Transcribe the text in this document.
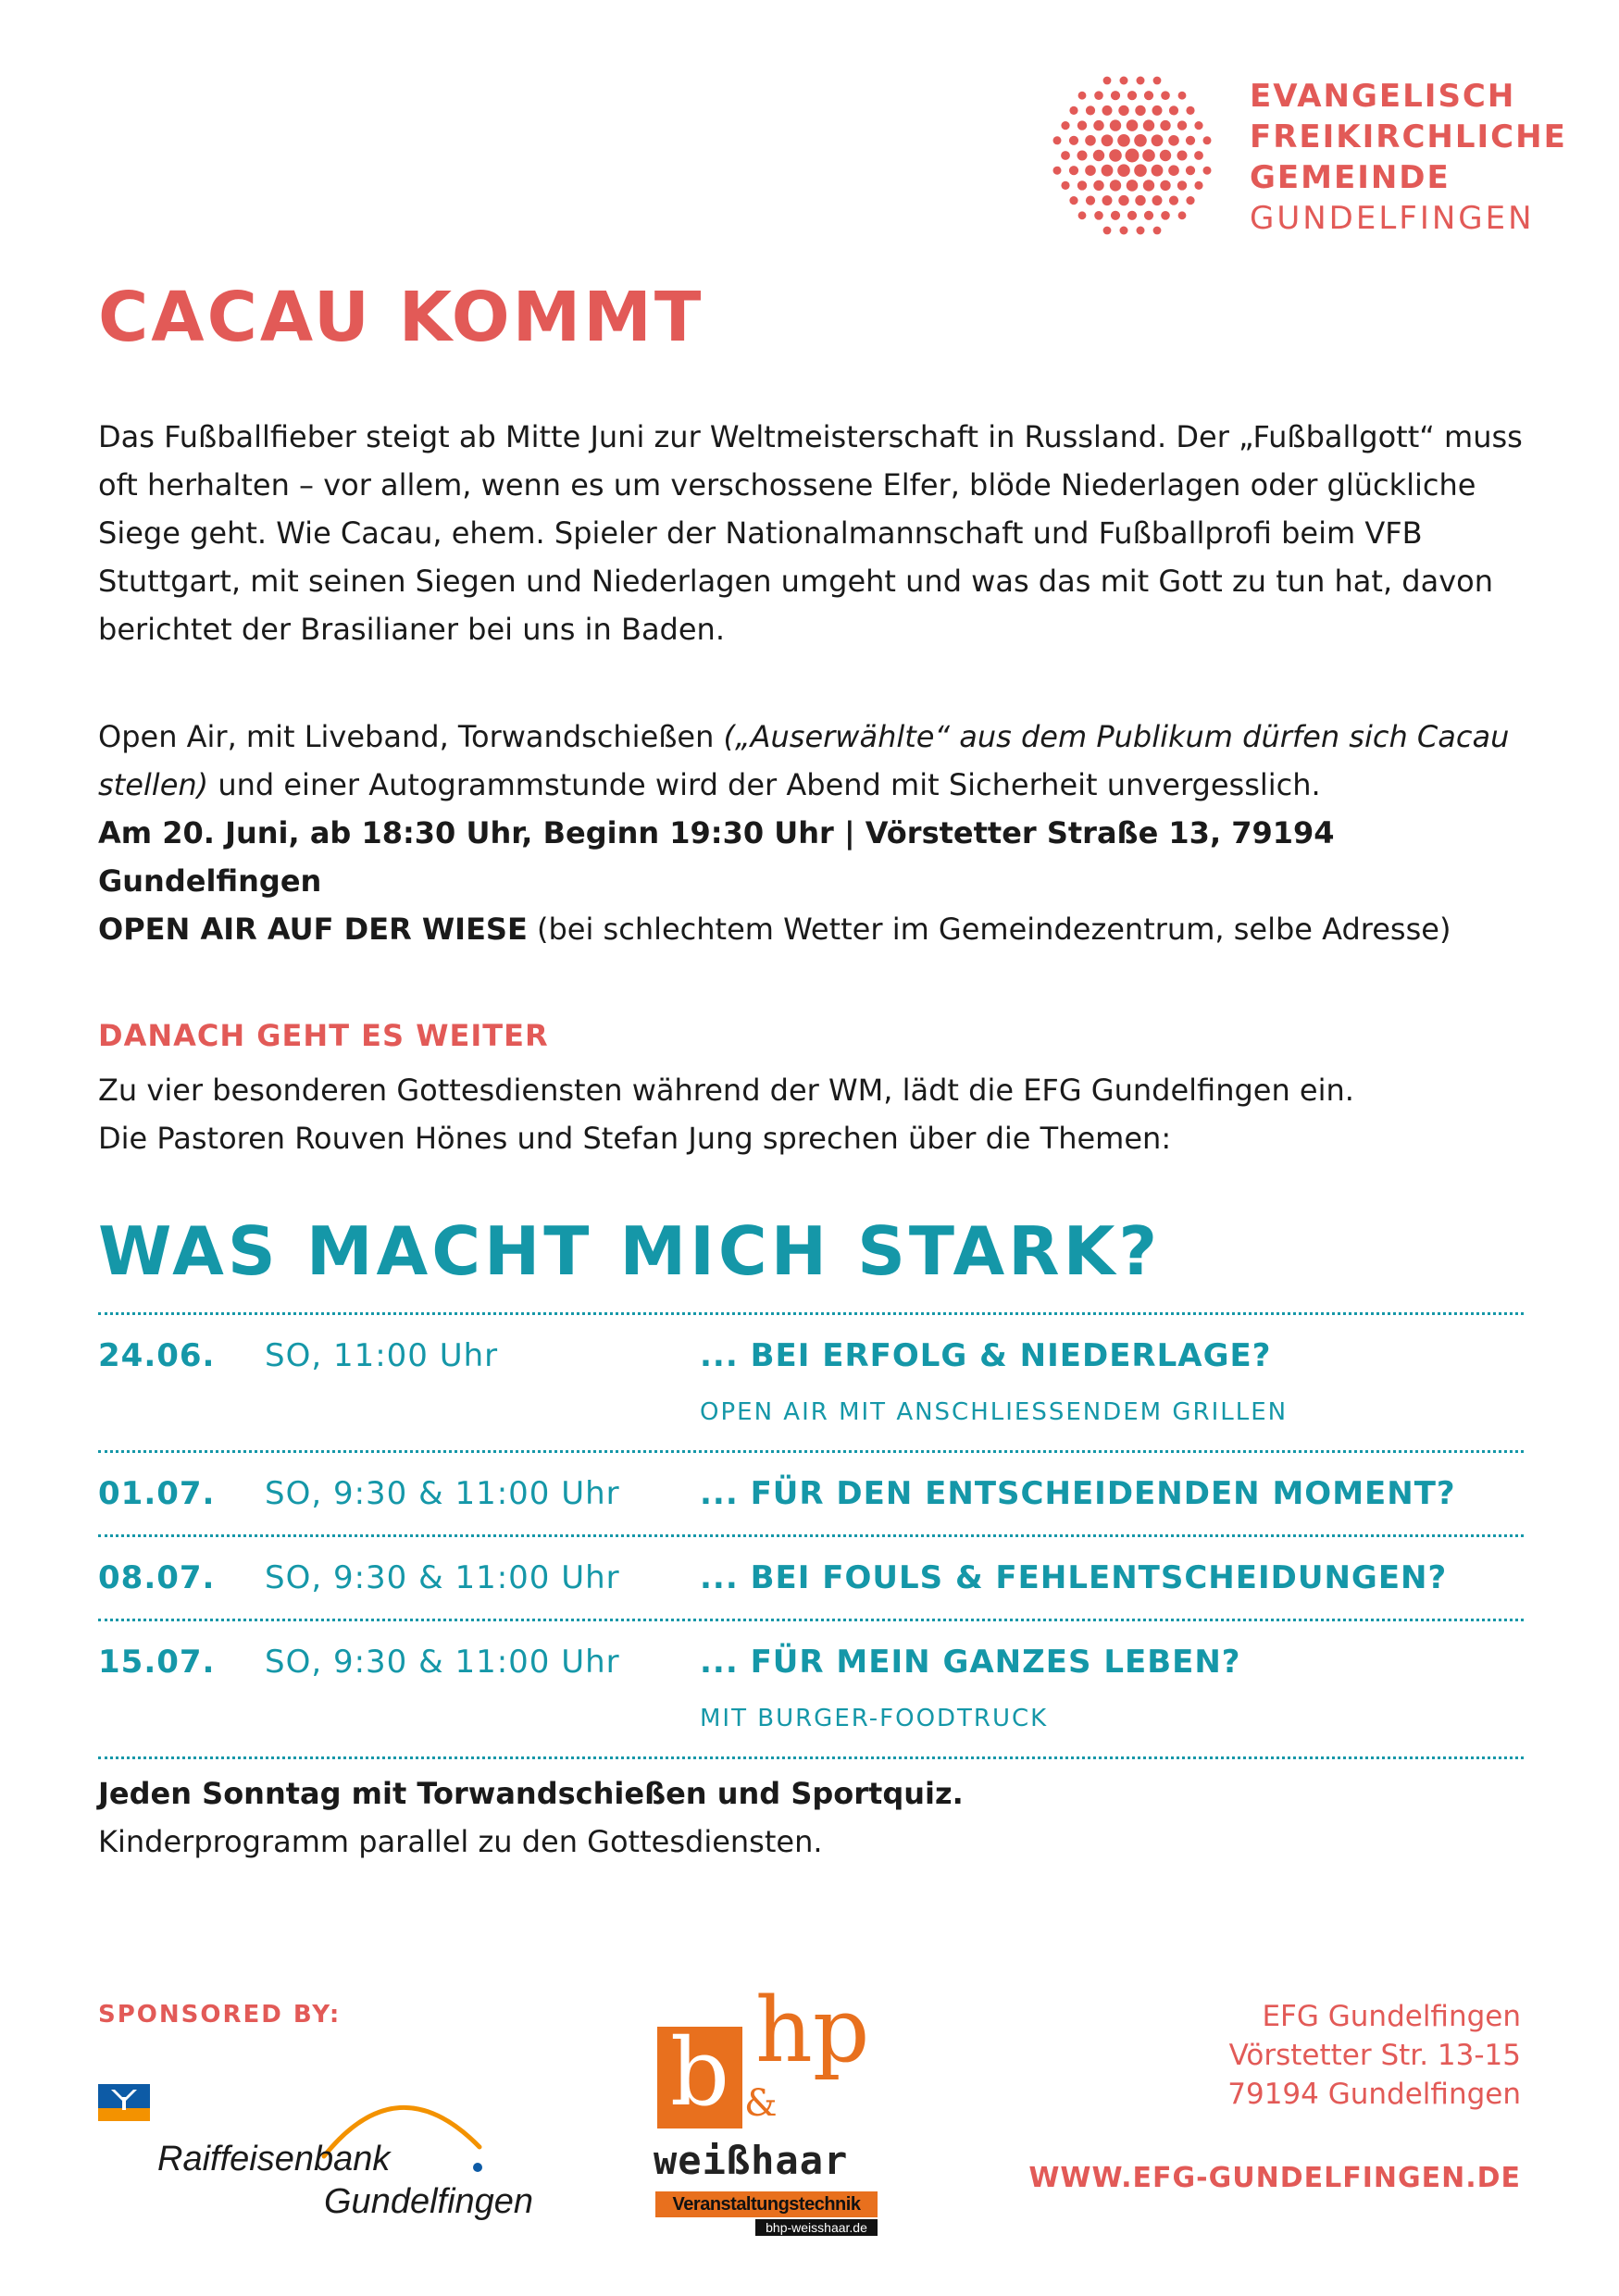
EVANGELISCH
FREIKIRCHLICHE
GEMEINDE
GUNDELFINGEN
CACAU KOMMT

Das Fußballfieber steigt ab Mitte Juni zur Weltmeisterschaft in Russland. Der „Fußballgott“ muss oft herhalten – vor allem, wenn es um verschossene Elfer, blöde Niederlagen oder glückliche Siege geht. Wie Cacau, ehem. Spieler der Nationalmannschaft und Fußballprofi beim VFB Stuttgart, mit seinen Siegen und Niederlagen umgeht und was das mit Gott zu tun hat, davon berichtet der Brasilianer bei uns in Baden.

Open Air, mit Liveband, Torwandschießen („Auserwählte“ aus dem Publikum dürfen sich Cacau stellen) und einer Autogrammstunde wird der Abend mit Sicherheit unvergesslich.
Am 20. Juni, ab 18:30 Uhr, Beginn 19:30 Uhr | Vörstetter Straße 13, 79194 Gundelfingen
OPEN AIR AUF DER WIESE (bei schlechtem Wetter im Gemeindezentrum, selbe Adresse)

DANACH GEHT ES WEITER

Zu vier besonderen Gottesdiensten während der WM, lädt die EFG Gundelfingen ein.
Die Pastoren Rouven Hönes und Stefan Jung sprechen über die Themen:

WAS MACHT MICH STARK?
24.06. SO, 11:00 Uhr	... BEI ERFOLG & NIEDERLAGE?
OPEN AIR MIT ANSCHLIESSENDEM GRILLEN
01.07. SO, 9:30 & 11:00 Uhr	... FÜR DEN ENTSCHEIDENDEN MOMENT?
08.07. SO, 9:30 & 11:00 Uhr	... BEI FOULS & FEHLENTSCHEIDUNGEN?
15.07. SO, 9:30 & 11:00 Uhr	... FÜR MEIN GANZES LEBEN?
MIT BURGER-FOODTRUCK

Jeden Sonntag mit Torwandschießen und Sportquiz.
Kinderprogramm parallel zu den Gottesdiensten.

SPONSORED BY:
Raiffeisenbank
Gundelfingen
b &
hp
weißhaar
Veranstaltungstechnik
bhp-weisshaar.de
EFG Gundelfingen
Vörstetter Str. 13-15
79194 Gundelfingen
WWW.EFG-GUNDELFINGEN.DE
